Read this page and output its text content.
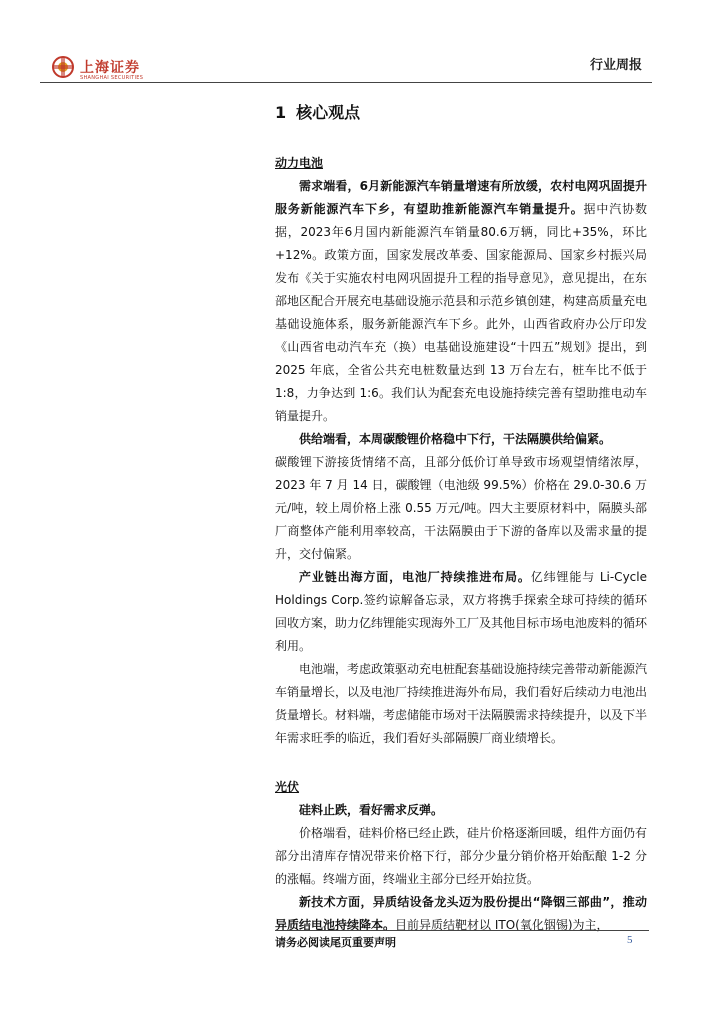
上海证券
SHANGHAI SECURITIES
行业周报
1 核心观点

动力电池

需求端看，6月新能源汽车销量增速有所放缓，农村电网巩固提升服务新能源汽车下乡，有望助推新能源汽车销量提升。据中汽协数据，2023年6月国内新能源汽车销量80.6万辆，同比+35%，环比+12%。政策方面，国家发展改革委、国家能源局、国家乡村振兴局发布《关于实施农村电网巩固提升工程的指导意见》，意见提出，在东部地区配合开展充电基础设施示范县和示范乡镇创建，构建高质量充电基础设施体系，服务新能源汽车下乡。此外，山西省政府办公厅印发《山西省电动汽车充（换）电基础设施建设“十四五”规划》提出，到 2025 年底，全省公共充电桩数量达到 13 万台左右，桩车比不低于 1:8，力争达到 1:6。我们认为配套充电设施持续完善有望助推电动车销量提升。

供给端看，本周碳酸锂价格稳中下行，干法隔膜供给偏紧。

碳酸锂下游接货情绪不高，且部分低价订单导致市场观望情绪浓厚，2023 年 7 月 14 日，碳酸锂（电池级 99.5%）价格在 29.0-30.6 万元/吨，较上周价格上涨 0.55 万元/吨。四大主要原材料中，隔膜头部厂商整体产能利用率较高，干法隔膜由于下游的备库以及需求量的提升，交付偏紧。

产业链出海方面，电池厂持续推进布局。亿纬锂能与 Li-Cycle Holdings Corp.签约谅解备忘录，双方将携手探索全球可持续的循环回收方案，助力亿纬锂能实现海外工厂及其他目标市场电池废料的循环利用。

电池端，考虑政策驱动充电桩配套基础设施持续完善带动新能源汽车销量增长，以及电池厂持续推进海外布局，我们看好后续动力电池出货量增长。材料端，考虑储能市场对干法隔膜需求持续提升，以及下半年需求旺季的临近，我们看好头部隔膜厂商业绩增长。

光伏

硅料止跌，看好需求反弹。

价格端看，硅料价格已经止跌，硅片价格逐渐回暖，组件方面仍有部分出清库存情况带来价格下行，部分少量分销价格开始酝酿 1-2 分的涨幅。终端方面，终端业主部分已经开始拉货。

新技术方面，异质结设备龙头迈为股份提出“降铟三部曲”，推动异质结电池持续降本。目前异质结靶材以 ITO(氧化铟锡)为主，

请务必阅读尾页重要声明	5
